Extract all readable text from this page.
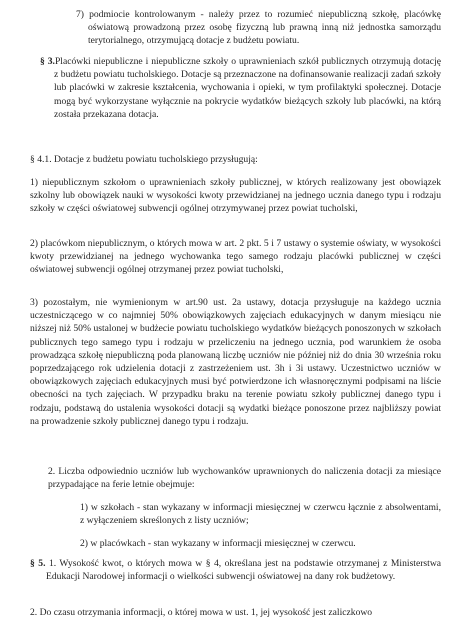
7) podmiocie kontrolowanym - należy przez to rozumieć niepubliczną szkołę, placówkę oświatową prowadzoną przez osobę fizyczną lub prawną inną niż jednostka samorządu terytorialnego, otrzymującą dotacje z budżetu powiatu.

§ 3.Placówki niepubliczne i niepubliczne szkoły o uprawnieniach szkół publicznych otrzymują dotację z budżetu powiatu tucholskiego. Dotacje są przeznaczone na dofinansowanie realizacji zadań szkoły lub placówki w zakresie kształcenia, wychowania i opieki, w tym profilaktyki społecznej. Dotacje mogą być wykorzystane wyłącznie na pokrycie wydatków bieżących szkoły lub placówki, na którą została przekazana dotacja.

§ 4.1. Dotacje z budżetu powiatu tucholskiego przysługują:

1) niepublicznym szkołom o uprawnieniach szkoły publicznej, w których realizowany jest obowiązek szkolny lub obowiązek nauki w wysokości kwoty przewidzianej na jednego ucznia danego typu i rodzaju szkoły w części oświatowej subwencji ogólnej otrzymywanej przez powiat tucholski,

2) placówkom niepublicznym, o których mowa w art. 2 pkt. 5 i 7 ustawy o systemie oświaty, w wysokości kwoty przewidzianej na jednego wychowanka tego samego rodzaju placówki publicznej w części oświatowej subwencji ogólnej otrzymanej przez powiat tucholski,

3) pozostałym, nie wymienionym w art.90 ust. 2a ustawy, dotacja przysługuje na każdego ucznia uczestniczącego w co najmniej 50% obowiązkowych zajęciach edukacyjnych w danym miesiącu nie niższej niż 50% ustalonej w budżecie powiatu tucholskiego wydatków bieżących ponoszonych w szkołach publicznych tego samego typu i rodzaju w przeliczeniu na jednego ucznia, pod warunkiem że osoba prowadząca szkołę niepubliczną poda planowaną liczbę uczniów nie później niż do dnia 30 września roku poprzedzającego rok udzielenia dotacji z zastrzeżeniem ust. 3h i 3i ustawy. Uczestnictwo uczniów w obowiązkowych zajęciach edukacyjnych musi być potwierdzone ich własnoręcznymi podpisami na liście obecności na tych zajęciach. W przypadku braku na terenie powiatu szkoły publicznej danego typu i rodzaju, podstawą do ustalenia wysokości dotacji są wydatki bieżące ponoszone przez najbliższy powiat na prowadzenie szkoły publicznej danego typu i rodzaju.

2. Liczba odpowiednio uczniów lub wychowanków uprawnionych do naliczenia dotacji za miesiące przypadające na ferie letnie obejmuje:

1) w szkołach - stan wykazany w informacji miesięcznej w czerwcu łącznie z absolwentami, z wyłączeniem skreślonych z listy uczniów;

2) w placówkach - stan wykazany w informacji miesięcznej w czerwcu.

§ 5. 1. Wysokość kwot, o których mowa w § 4, określana jest na podstawie otrzymanej z Ministerstwa Edukacji Narodowej informacji o wielkości subwencji oświatowej na dany rok budżetowy.

2. Do czasu otrzymania informacji, o której mowa w ust. 1, jej wysokość jest zaliczkowo
